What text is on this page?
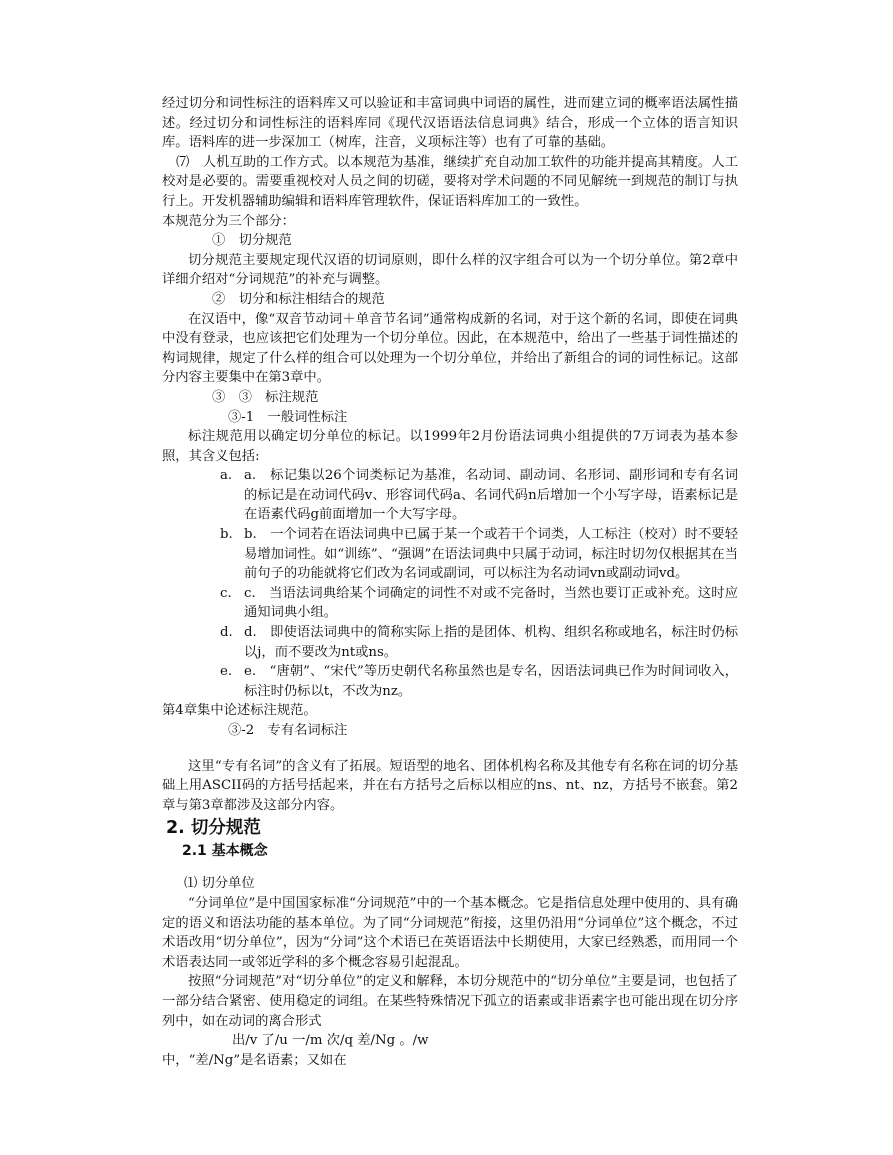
经过切分和词性标注的语料库又可以验证和丰富词典中词语的属性，进而建立词的概率语法属性描述。经过切分和词性标注的语料库同《现代汉语语法信息词典》结合，形成一个立体的语言知识库。语料库的进一步深加工（树库，注音，义项标注等）也有了可靠的基础。

⑺　人机互助的工作方式。以本规范为基准，继续扩充自动加工软件的功能并提高其精度。人工校对是必要的。需要重视校对人员之间的切磋，要将对学术问题的不同见解统一到规范的制订与执行上。开发机器辅助编辑和语料库管理软件，保证语料库加工的一致性。

本规范分为三个部分：

①　切分规范

切分规范主要规定现代汉语的切词原则，即什么样的汉字组合可以为一个切分单位。第2章中详细介绍对“分词规范”的补充与调整。

②　切分和标注相结合的规范

在汉语中，像“双音节动词＋单音节名词”通常构成新的名词，对于这个新的名词，即使在词典中没有登录，也应该把它们处理为一个切分单位。因此，在本规范中，给出了一些基于词性描述的构词规律，规定了什么样的组合可以处理为一个切分单位，并给出了新组合的词的词性标记。这部分内容主要集中在第3章中。

③　③　标注规范

③-1　一般词性标注

标注规范用以确定切分单位的标记。以1999年2月份语法词典小组提供的7万词表为基本参照，其含义包括:

a. a.　标记集以26个词类标记为基准，名动词、副动词、名形词、副形词和专有名词的标记是在动词代码v、形容词代码a、名词代码n后增加一个小写字母，语素标记是在语素代码g前面增加一个大写字母。
b. b.　一个词若在语法词典中已属于某一个或若干个词类，人工标注（校对）时不要轻易增加词性。如“训练”、“强调”在语法词典中只属于动词，标注时切勿仅根据其在当前句子的功能就将它们改为名词或副词，可以标注为名动词vn或副动词vd。
c. c.　当语法词典给某个词确定的词性不对或不完备时，当然也要订正或补充。这时应通知词典小组。
d. d.　即使语法词典中的简称实际上指的是团体、机构、组织名称或地名，标注时仍标以j，而不要改为nt或ns。
e. e.　“唐朝”、“宋代”等历史朝代名称虽然也是专名，因语法词典已作为时间词收入，标注时仍标以t，不改为nz。

第4章集中论述标注规范。

③-2　专有名词标注

这里“专有名词”的含义有了拓展。短语型的地名、团体机构名称及其他专有名称在词的切分基础上用ASCII码的方括号括起来，并在右方括号之后标以相应的ns、nt、nz，方括号不嵌套。第2章与第3章都涉及这部分内容。

2. 切分规范
2.1 基本概念

⑴ 切分单位

“分词单位”是中国国家标准“分词规范”中的一个基本概念。它是指信息处理中使用的、具有确定的语义和语法功能的基本单位。为了同“分词规范”衔接，这里仍沿用“分词单位”这个概念，不过术语改用“切分单位”，因为“分词”这个术语已在英语语法中长期使用，大家已经熟悉，而用同一个术语表达同一或邻近学科的多个概念容易引起混乱。

按照“分词规范”对“切分单位”的定义和解释，本切分规范中的“切分单位”主要是词，也包括了一部分结合紧密、使用稳定的词组。在某些特殊情况下孤立的语素或非语素字也可能出现在切分序列中，如在动词的离合形式

出/v 了/u 一/m 次/q 差/Ng 。/w

中，“差/Ng”是名语素；又如在
